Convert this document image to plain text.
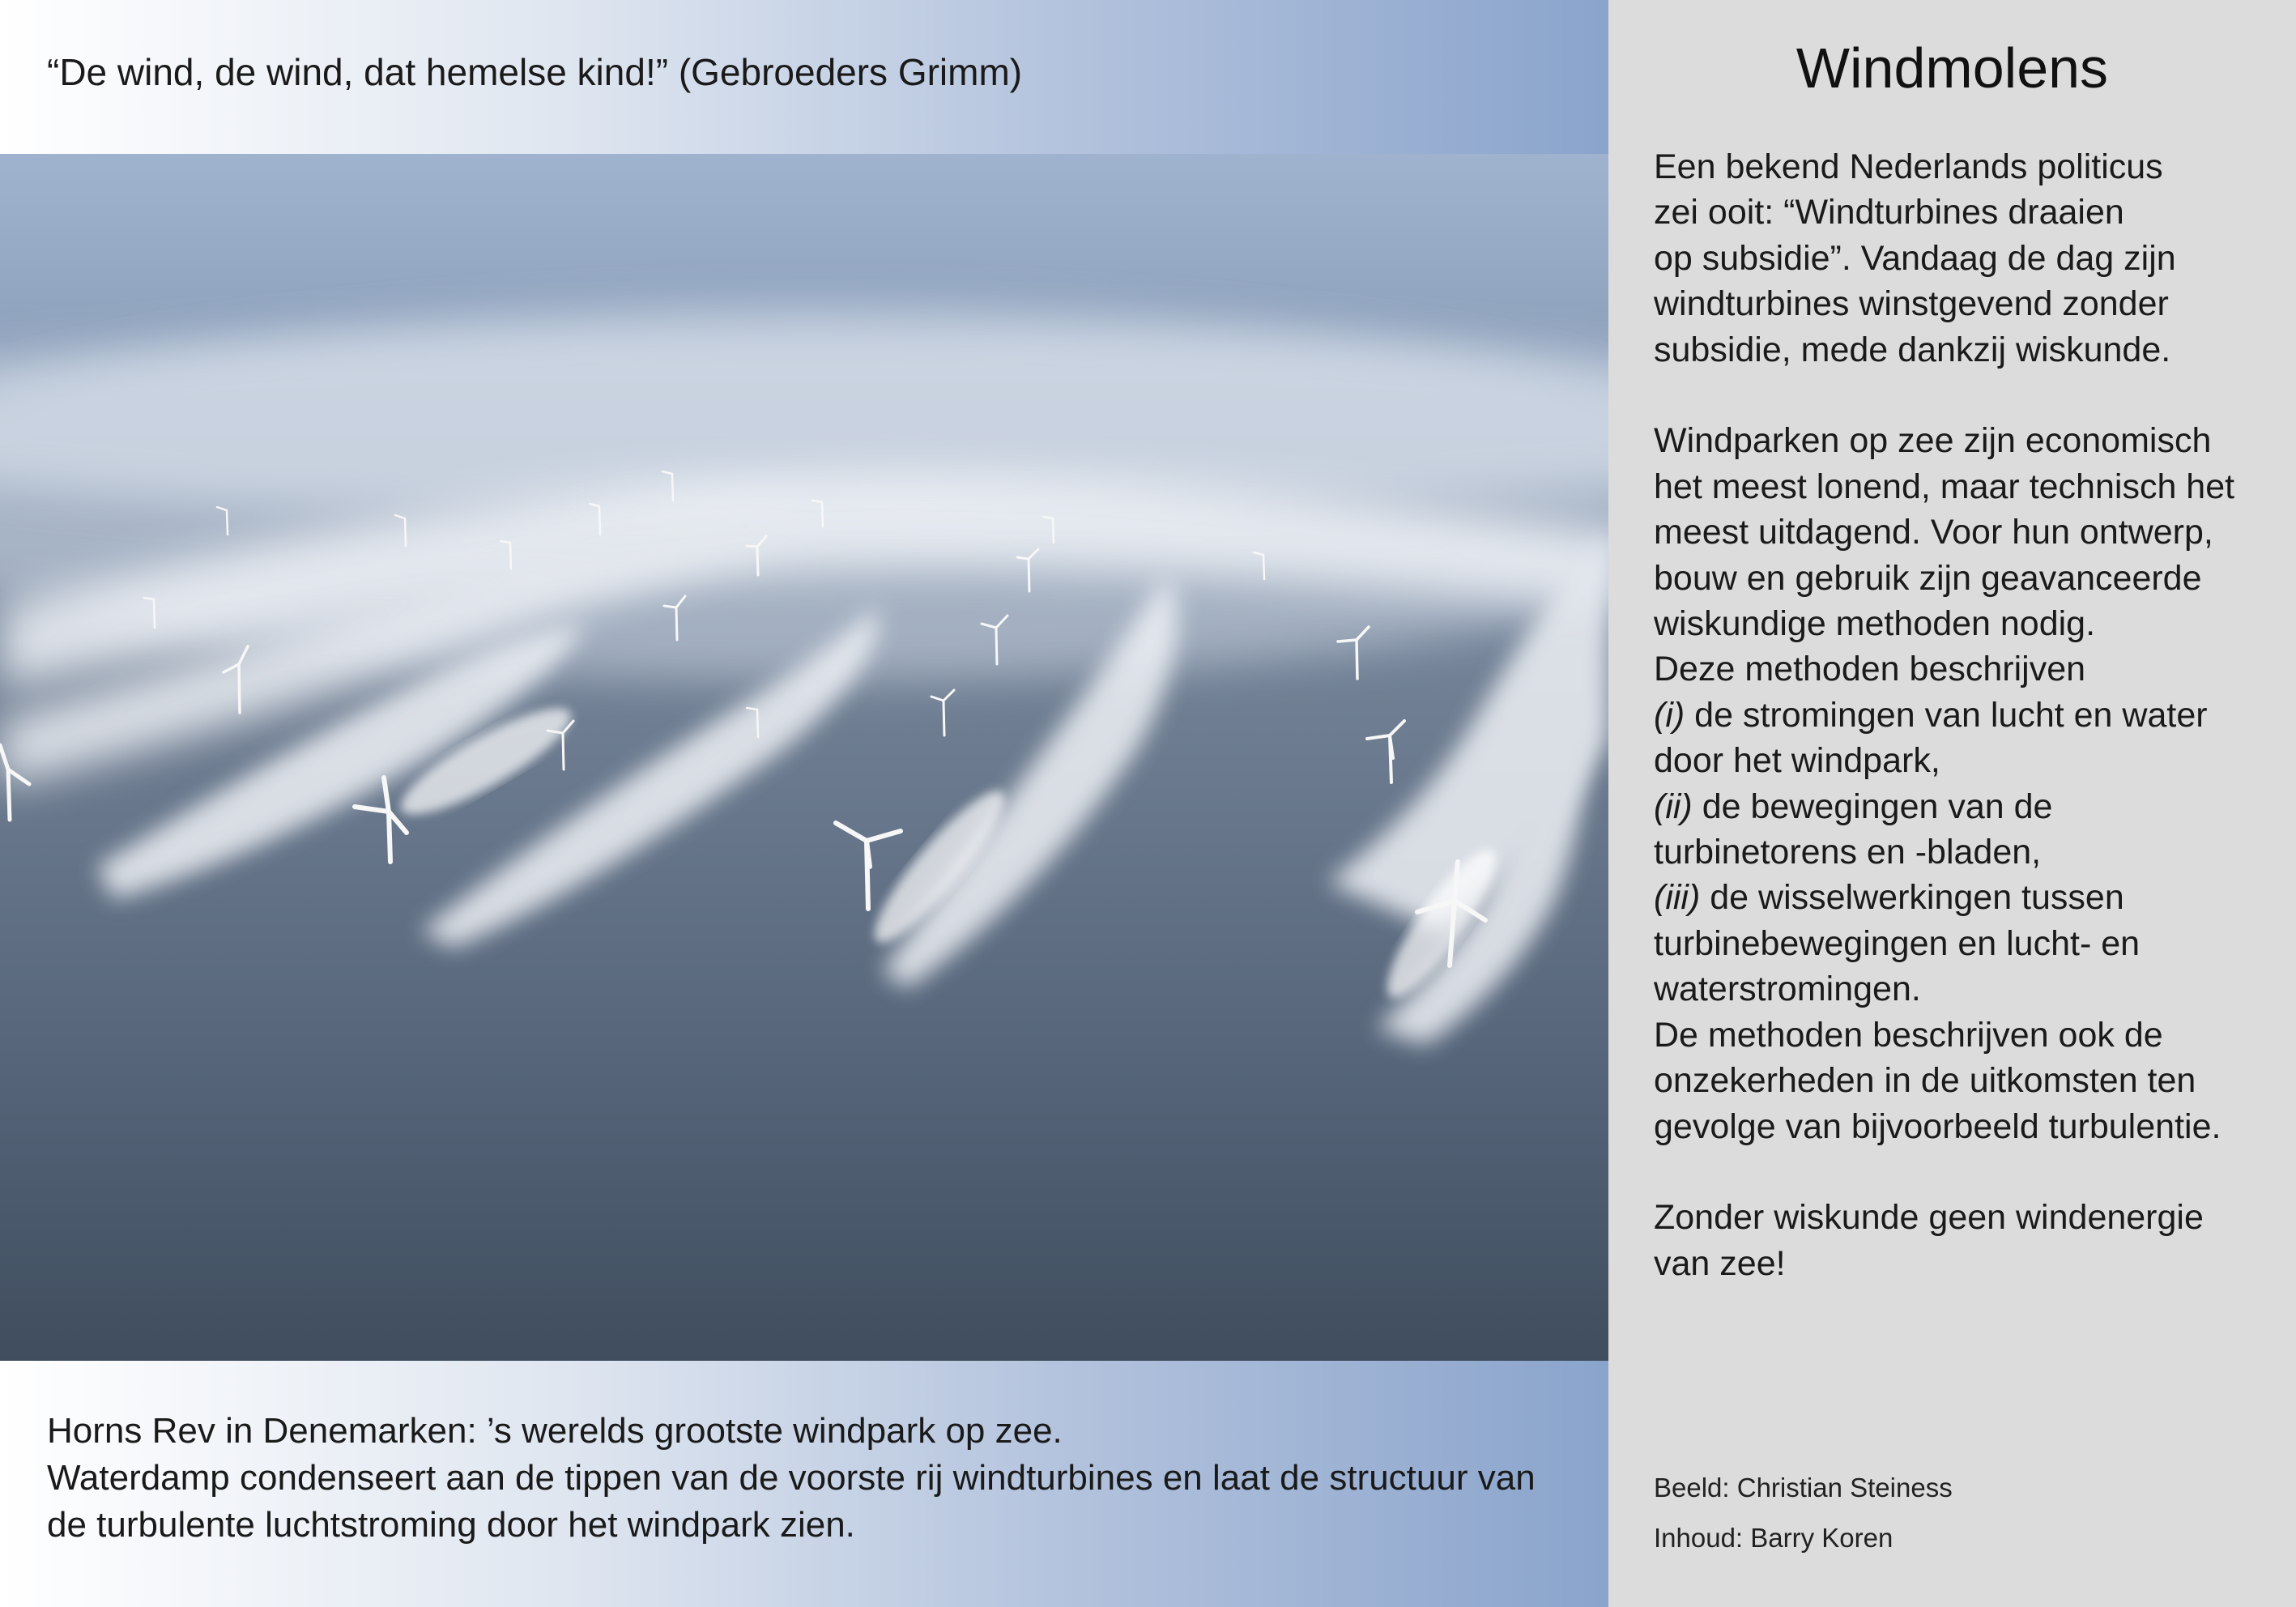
“De wind, de wind, dat hemelse kind!” (Gebroeders Grimm)
Horns Rev in Denemarken: ’s werelds grootste windpark op zee.
Waterdamp condenseert aan de tippen van de voorste rij windturbines en laat de structuur van
de turbulente luchtstroming door het windpark zien.
Windmolens
Een bekend Nederlands politicus
zei ooit: “Windturbines draaien
op subsidie”. Vandaag de dag zijn
windturbines winstgevend zonder
subsidie, mede dankzij wiskunde.
Windparken op zee zijn economisch
het meest lonend, maar technisch het
meest uitdagend. Voor hun ontwerp,
bouw en gebruik zijn geavanceerde
wiskundige methoden nodig.
Deze methoden beschrijven
(i) de stromingen van lucht en water
door het windpark,
(ii) de bewegingen van de
turbinetorens en -bladen,
(iii) de wisselwerkingen tussen
turbinebewegingen en lucht- en
waterstromingen.
De methoden beschrijven ook de
onzekerheden in de uitkomsten ten
gevolge van bijvoorbeeld turbulentie.
Zonder wiskunde geen windenergie
van zee!
Beeld: Christian Steiness
Inhoud: Barry Koren
